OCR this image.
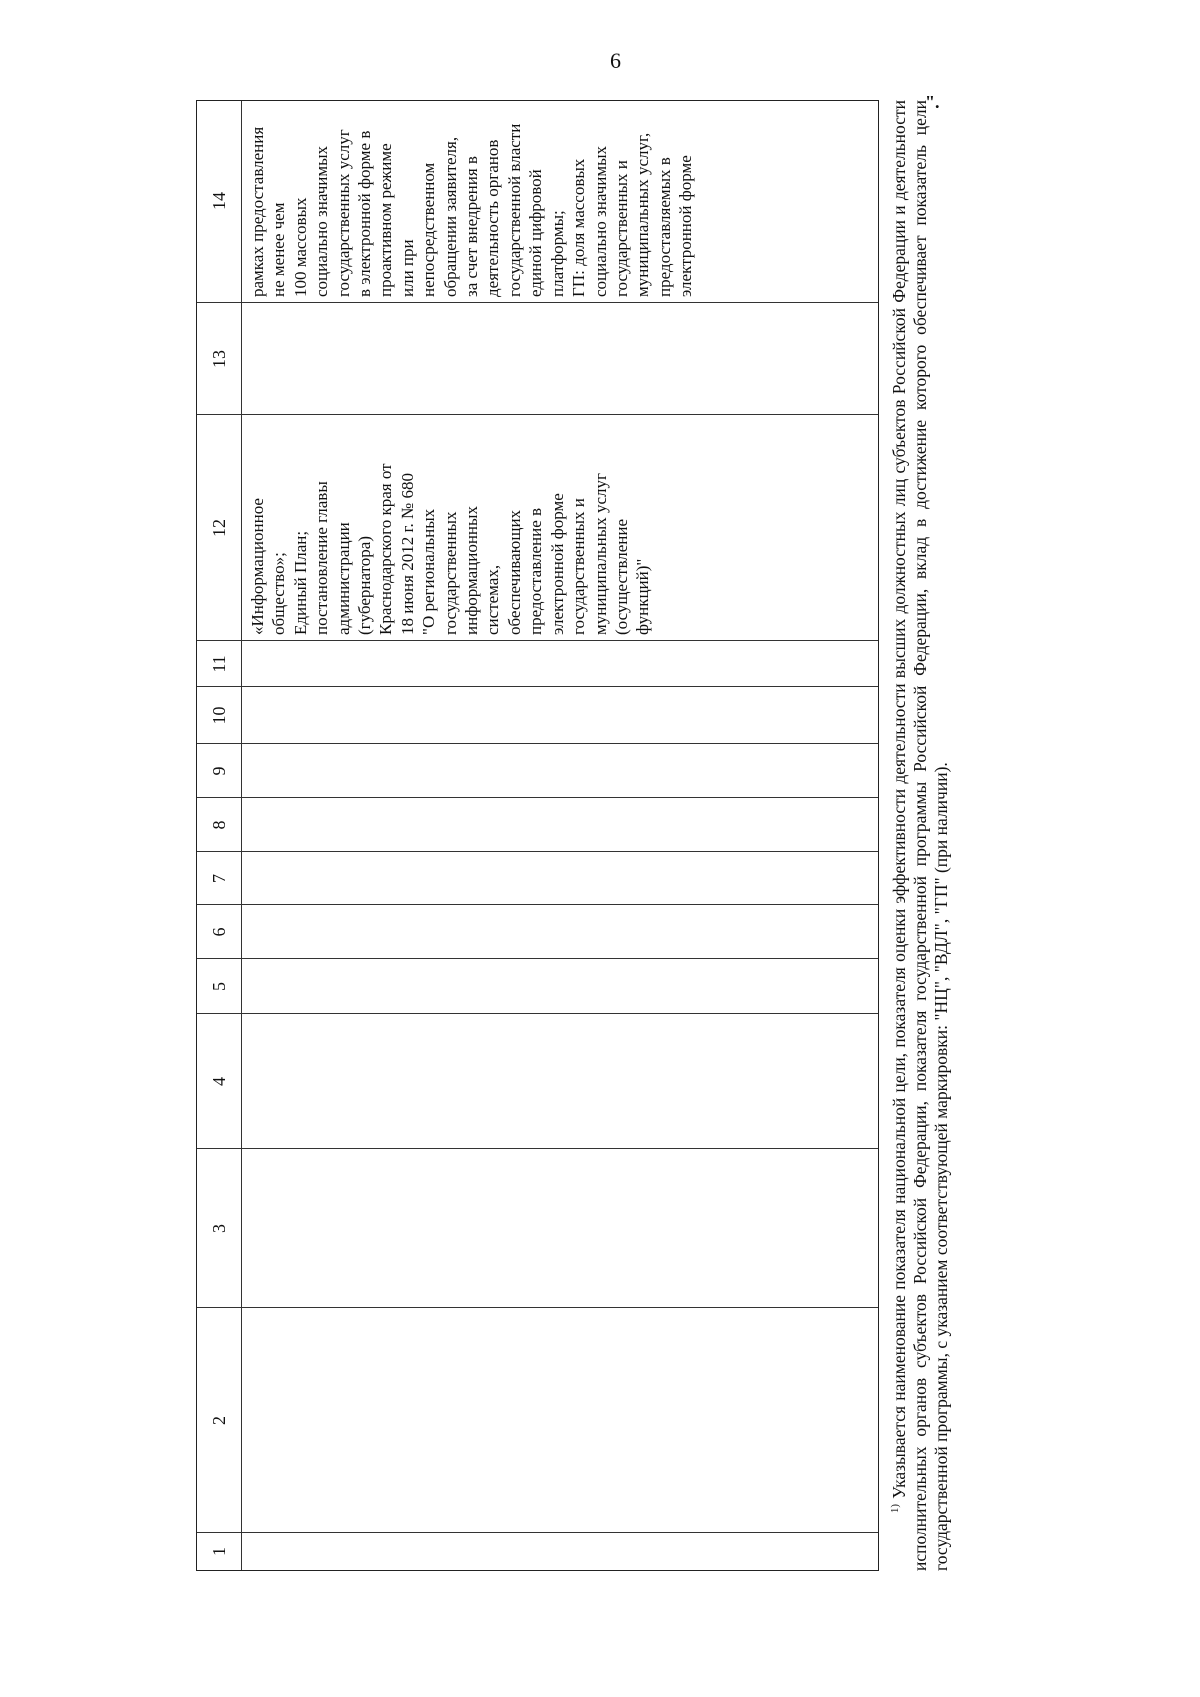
6
".
1
2
3
4
5
6
7
8
9
10
11
12
13
14
«Информационное
общество»;
Единый План;
постановление главы
администрации
(губернатора)
Краснодарского края от
18 июня 2012 г. № 680
"О региональных
государственных
информационных
системах,
обеспечивающих
предоставление в
электронной форме
государственных и
муниципальных услуг
(осуществление
функций)"
рамках предоставления
не менее чем
100 массовых
социально значимых
государственных услуг
в электронной форме в
проактивном режиме
или при
непосредственном
обращении заявителя,
за счет внедрения в
деятельность органов
государственной власти
единой цифровой
платформы;
ГП: доля массовых
социально значимых
государственных и
муниципальных услуг,
предоставляемых в
электронной форме
$^{1)}$ Указывается наименование показателя национальной цели, показателя оценки эффективности деятельности высших должностных лиц субъектов Российской Федерации и деятельности исполнительных органов субъектов Российской Федерации, показателя государственной программы Российской Федерации, вклад в достижение которого обеспечивает показатель цели государственной программы, с указанием соответствующей маркировки: "НЦ", "ВДЛ", "ГП" (при наличии).
